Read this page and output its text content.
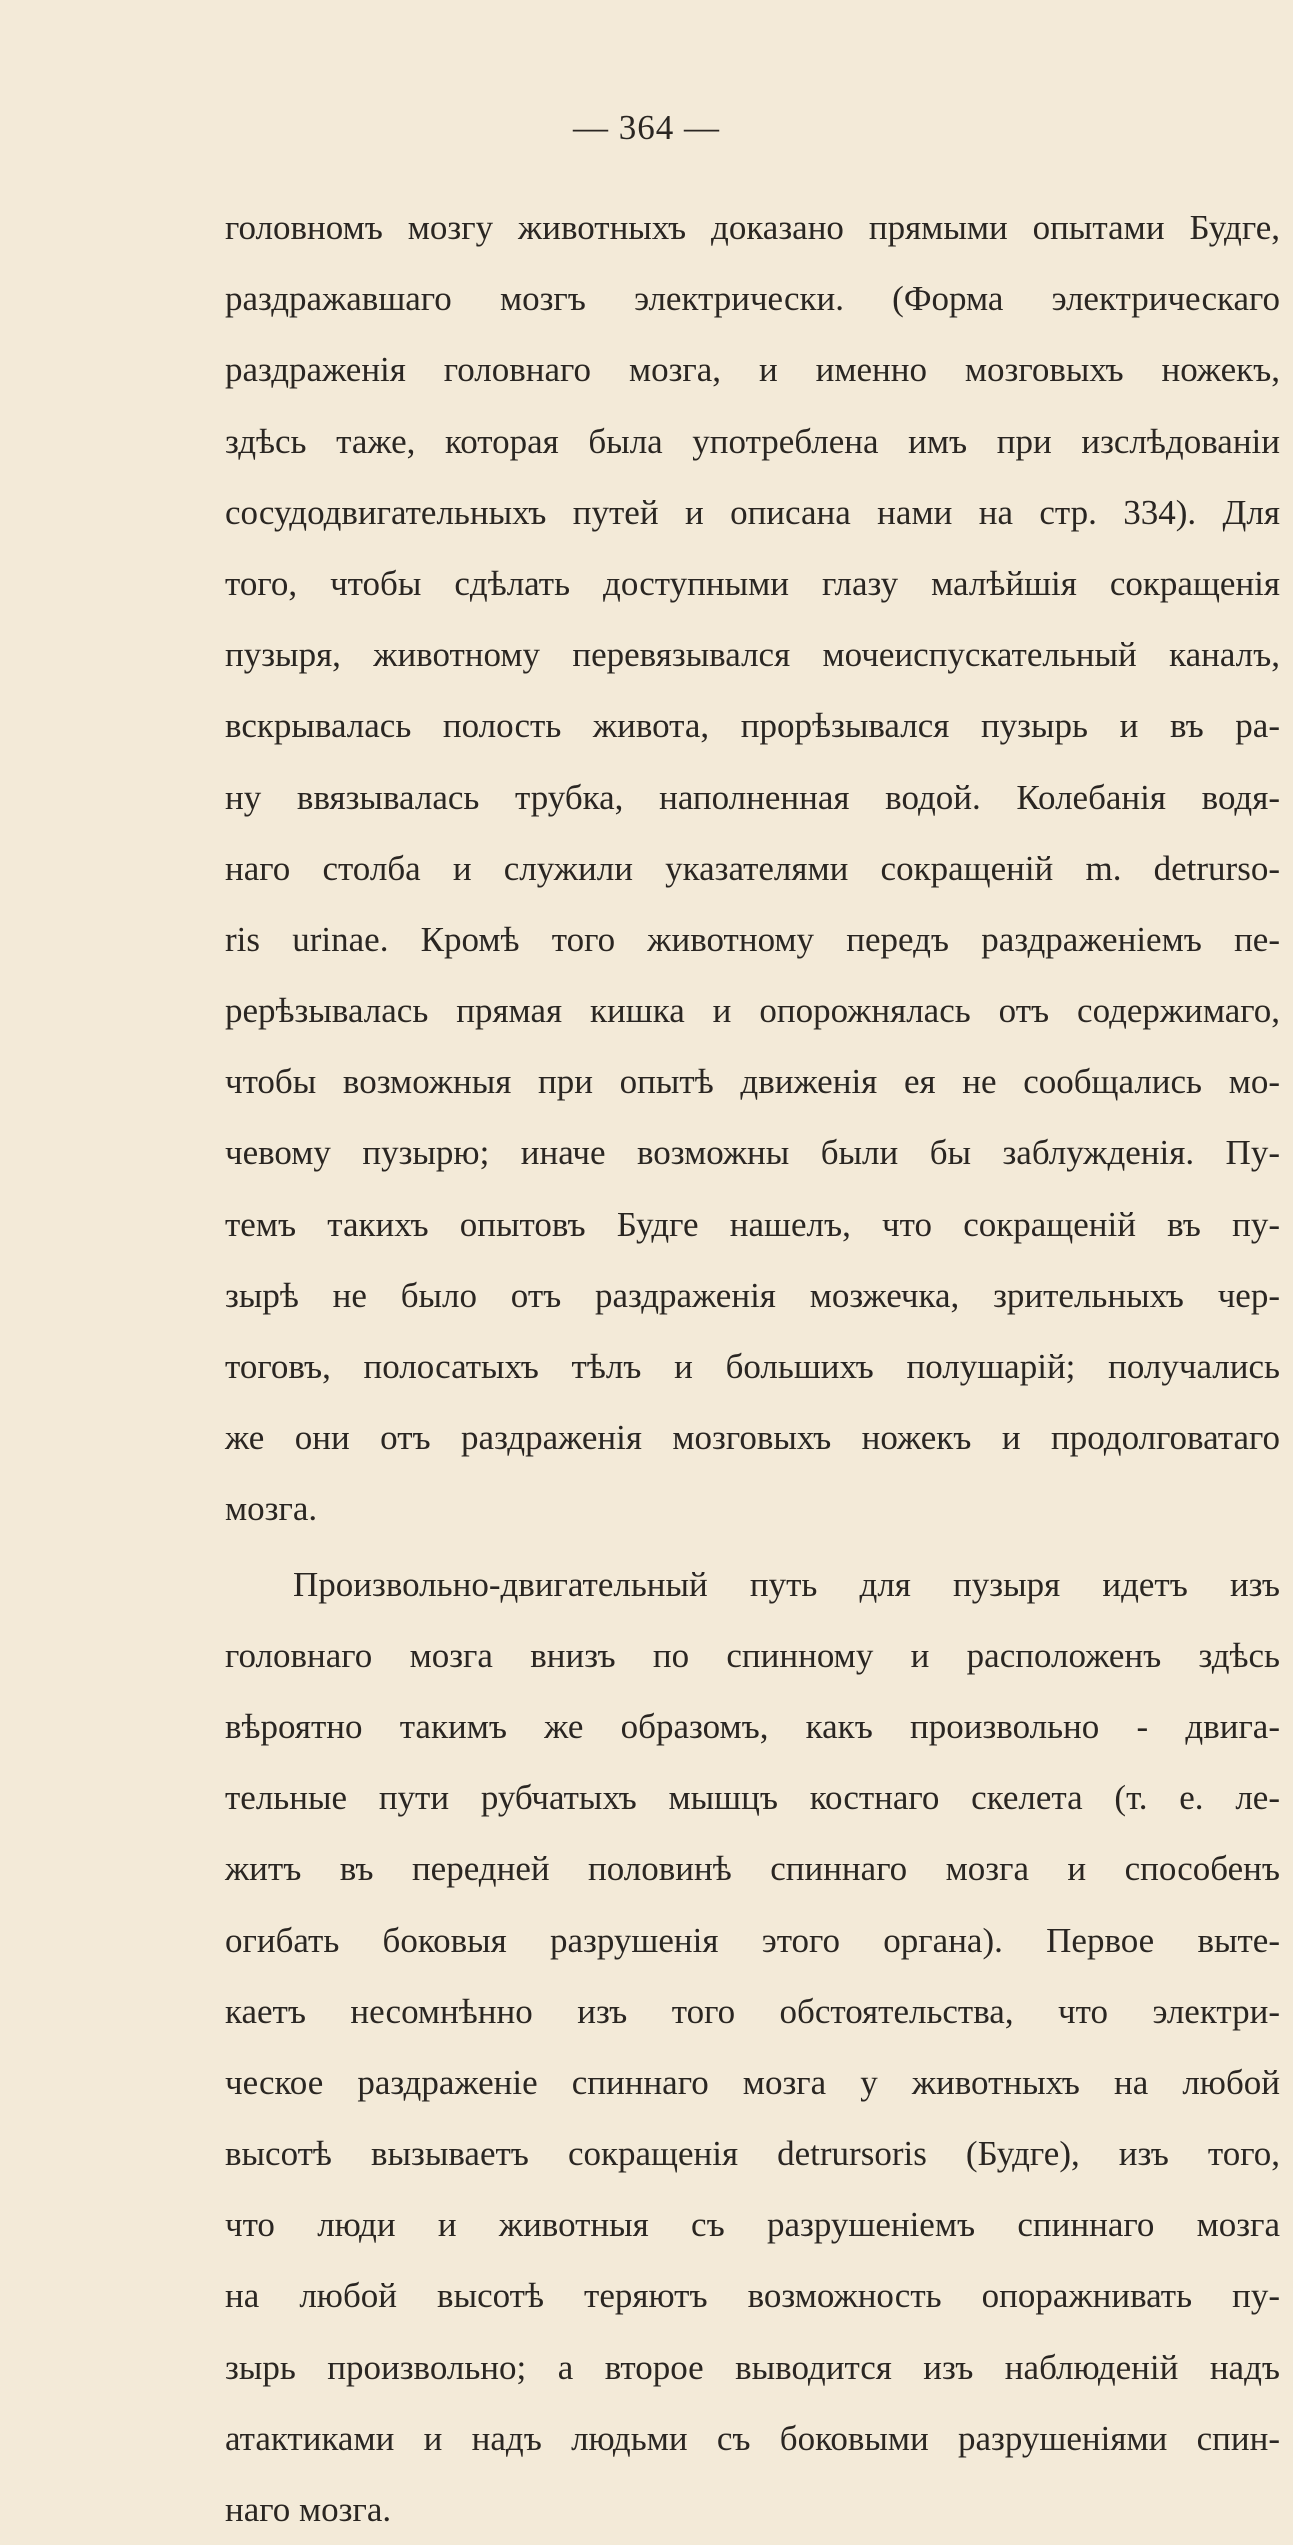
— 364 —
головномъ мозгу животныхъ доказано прямыми опытами Будге,
раздражавшаго мозгъ электрически. (Форма электрическаго
раздраженія головнаго мозга, и именно мозговыхъ ножекъ,
здѣсь таже, которая была употреблена имъ при изслѣдованіи
сосудодвигательныхъ путей и описана нами на стр. 334). Для
того, чтобы сдѣлать доступными глазу малѣйшія сокращенія
пузыря, животному перевязывался мочеиспускательный каналъ,
вскрывалась полость живота, прорѣзывался пузырь и въ ра-
ну ввязывалась трубка, наполненная водой. Колебанія водя-
наго столба и служили указателями сокращеній m. detrurso-
ris urinae. Кромѣ того животному передъ раздраженіемъ пе-
рерѣзывалась прямая кишка и опорожнялась отъ содержимаго,
чтобы возможныя при опытѣ движенія ея не сообщались мо-
чевому пузырю; иначе возможны были бы заблужденія. Пу-
темъ такихъ опытовъ Будге нашелъ, что сокращеній въ пу-
зырѣ не было отъ раздраженія мозжечка, зрительныхъ чер-
тоговъ, полосатыхъ тѣлъ и большихъ полушарій; получались
же они отъ раздраженія мозговыхъ ножекъ и продолговатаго
мозга.
Произвольно-двигательный путь для пузыря идетъ изъ
головнаго мозга внизъ по спинному и расположенъ здѣсь
вѣроятно такимъ же образомъ, какъ произвольно - двига-
тельные пути рубчатыхъ мышцъ костнаго скелета (т. е. ле-
житъ въ передней половинѣ спиннаго мозга и способенъ
огибать боковыя разрушенія этого органа). Первое выте-
каетъ несомнѣнно изъ того обстоятельства, что электри-
ческое раздраженіе спиннаго мозга у животныхъ на любой
высотѣ вызываетъ сокращенія detrursoris (Будге), изъ того,
что люди и животныя съ разрушеніемъ спиннаго мозга
на любой высотѣ теряютъ возможность опоражнивать пу-
зырь произвольно; а второе выводится изъ наблюденій надъ
атактиками и надъ людьми съ боковыми разрушеніями спин-
наго мозга.
